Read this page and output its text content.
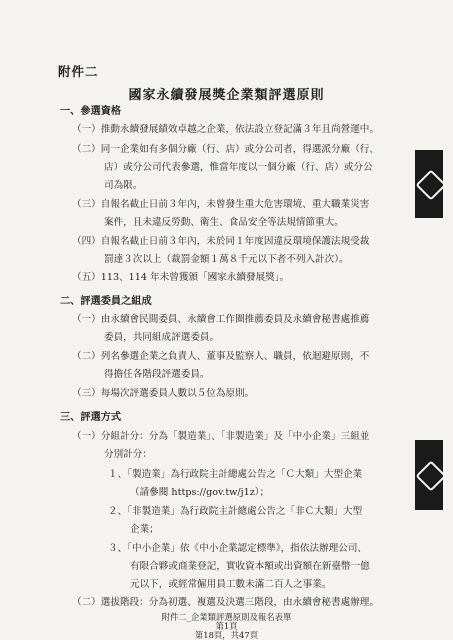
附件二
國家永續發展獎企業類評選原則
一、參選資格
（一）推動永續發展績效卓越之企業，依法設立登記滿３年且尚營運中。
（二）同一企業如有多個分廠（行、店）或分公司者，得選派分廠（行、
店）或分公司代表參選，惟當年度以一個分廠（行、店）或分公
司為限。
（三）自報名截止日前３年內，未曾發生重大危害環境、重大職業災害
案件，且未違反勞動、衛生、食品安全等法規情節重大。
（四）自報名截止日前３年內，未於同１年度因違反環境保護法規受裁
罰達３次以上（裁罰金額１萬８千元以下者不列入計次）。
（五）113、114 年未曾獲頒「國家永續發展獎」。
二、評選委員之組成
（一）由永續會民間委員、永續會工作圈推薦委員及永續會秘書處推薦
委員，共同組成評選委員。
（二）列名參選企業之負責人、董事及監察人、職員，依迴避原則，不
得擔任各階段評選委員。
（三）每場次評選委員人數以５位為原則。
三、評選方式
（一）分組計分：分為「製造業」、「非製造業」及「中小企業」三組並
分別計分：
１、「製造業」為行政院主計總處公告之「Ｃ大類」大型企業
（請參閱 https://gov.tw/j1z）；
２、「非製造業」為行政院主計總處公告之「非Ｃ大類」大型
企業；
３、「中小企業」依《中小企業認定標準》，指依法辦理公司、
有限合夥或商業登記，實收資本額或出資額在新臺幣一億
元以下，或經常僱用員工數未滿二百人之事業。
（二）選拔階段：分為初選、複選及決選三階段，由永續會秘書處辦理。
附件二_企業類評選原則及報名表單
第1頁
第18頁，共47頁
